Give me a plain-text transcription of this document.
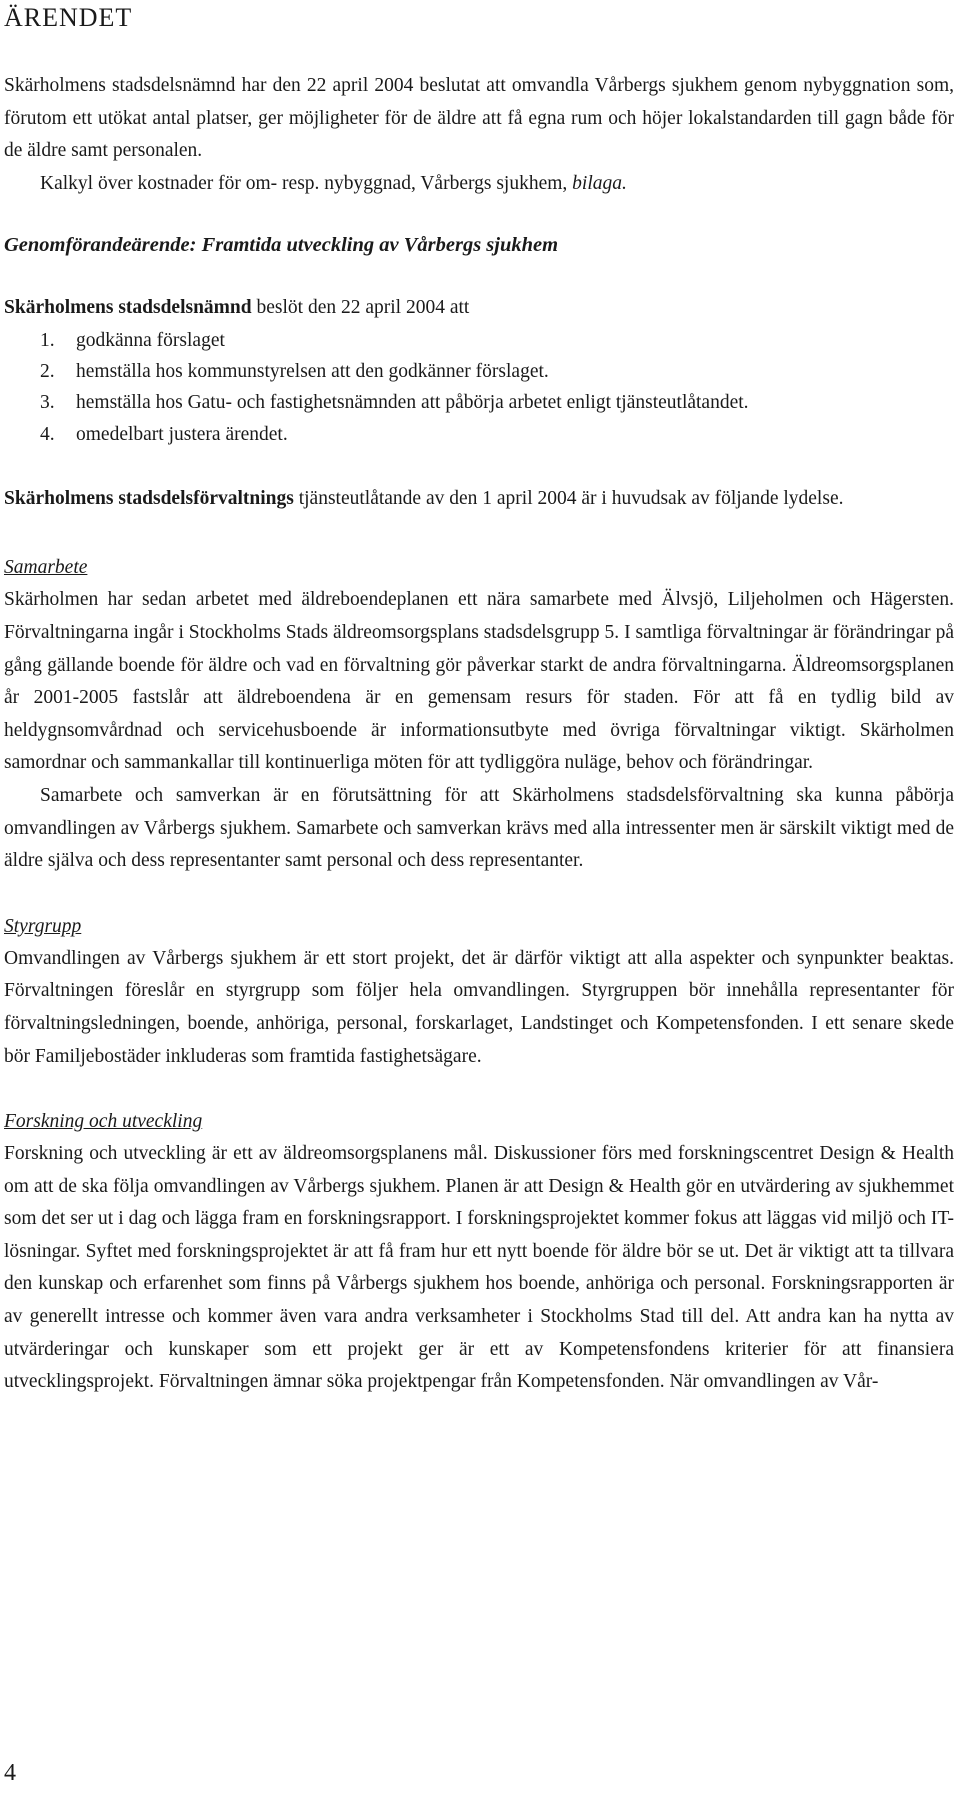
ÄRENDET

Skärholmens stadsdelsnämnd har den 22 april 2004 beslutat att omvandla Vårbergs sjukhem genom nybyggnation som, förutom ett utökat antal platser, ger möjligheter för de äldre att få egna rum och höjer lokalstandarden till gagn både för de äldre samt personalen.

Kalkyl över kostnader för om- resp. nybyggnad, Vårbergs sjukhem, bilaga.

Genomförandeärende: Framtida utveckling av Vårbergs sjukhem

Skärholmens stadsdelsnämnd beslöt den 22 april 2004 att

1. godkänna förslaget
2. hemställa hos kommunstyrelsen att den godkänner förslaget.
3. hemställa hos Gatu- och fastighetsnämnden att påbörja arbetet enligt tjänsteutlåtandet.
4. omedelbart justera ärendet.

Skärholmens stadsdelsförvaltnings tjänsteutlåtande av den 1 april 2004 är i huvudsak av följande lydelse.

Samarbete

Skärholmen har sedan arbetet med äldreboendeplanen ett nära samarbete med Älvsjö, Liljeholmen och Hägersten. Förvaltningarna ingår i Stockholms Stads äldreomsorgsplans stadsdelsgrupp 5. I samtliga förvaltningar är förändringar på gång gällande boende för äldre och vad en förvaltning gör påverkar starkt de andra förvaltningarna. Äldreomsorgsplanen år 2001-2005 fastslår att äldreboendena är en gemensam resurs för staden. För att få en tydlig bild av heldygnsomvårdnad och servicehusboende är informationsutbyte med övriga förvaltningar viktigt. Skärholmen samordnar och sammankallar till kontinuerliga möten för att tydliggöra nuläge, behov och förändringar.

Samarbete och samverkan är en förutsättning för att Skärholmens stadsdelsförvaltning ska kunna påbörja omvandlingen av Vårbergs sjukhem. Samarbete och samverkan krävs med alla intressenter men är särskilt viktigt med de äldre själva och dess representanter samt personal och dess representanter.

Styrgrupp

Omvandlingen av Vårbergs sjukhem är ett stort projekt, det är därför viktigt att alla aspekter och synpunkter beaktas. Förvaltningen föreslår en styrgrupp som följer hela omvandlingen. Styrgruppen bör innehålla representanter för förvaltningsledningen, boende, anhöriga, personal, forskarlaget, Landstinget och Kompetensfonden. I ett senare skede bör Familjebostäder inkluderas som framtida fastighetsägare.

Forskning och utveckling

Forskning och utveckling är ett av äldreomsorgsplanens mål. Diskussioner förs med forskningscentret Design & Health om att de ska följa omvandlingen av Vårbergs sjukhem. Planen är att Design & Health gör en utvärdering av sjukhemmet som det ser ut i dag och lägga fram en forskningsrapport. I forskningsprojektet kommer fokus att läggas vid miljö och IT-lösningar. Syftet med forskningsprojektet är att få fram hur ett nytt boende för äldre bör se ut. Det är viktigt att ta tillvara den kunskap och erfarenhet som finns på Vårbergs sjukhem hos boende, anhöriga och personal. Forskningsrapporten är av generellt intresse och kommer även vara andra verksamheter i Stockholms Stad till del. Att andra kan ha nytta av utvärderingar och kunskaper som ett projekt ger är ett av Kompetensfondens kriterier för att finansiera utvecklingsprojekt. Förvaltningen ämnar söka projektpengar från Kompetensfonden. När omvandlingen av Vår-

4
